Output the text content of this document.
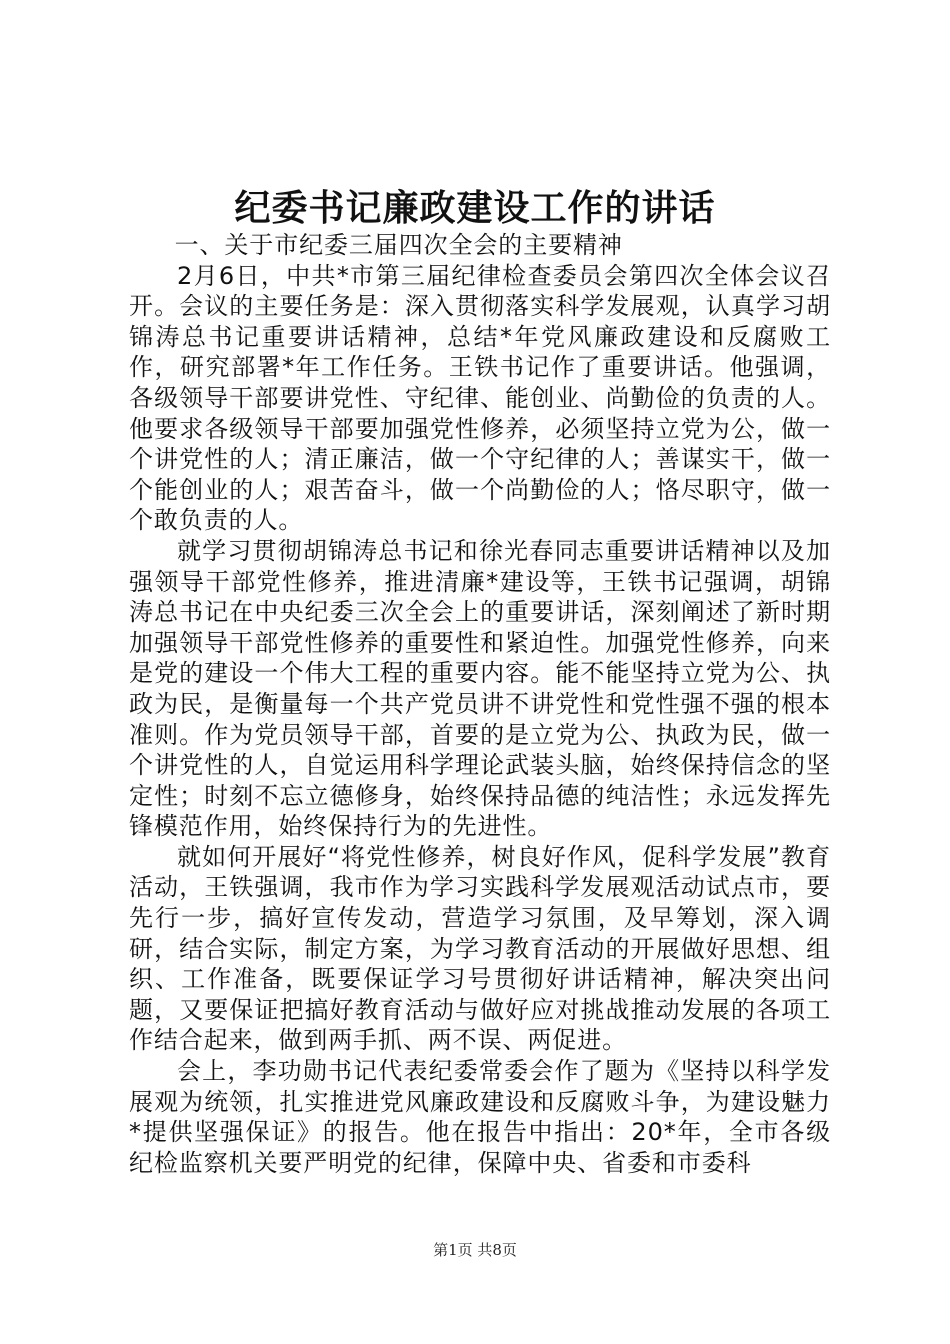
纪委书记廉政建设工作的讲话

一、关于市纪委三届四次全会的主要精神

2月6日，中共*市第三届纪律检查委员会第四次全体会议召开。会议的主要任务是：深入贯彻落实科学发展观，认真学习胡锦涛总书记重要讲话精神，总结*年党风廉政建设和反腐败工作，研究部署*年工作任务。王铁书记作了重要讲话。他强调，各级领导干部要讲党性、守纪律、能创业、尚勤俭的负责的人。他要求各级领导干部要加强党性修养，必须坚持立党为公，做一个讲党性的人；清正廉洁，做一个守纪律的人；善谋实干，做一个能创业的人；艰苦奋斗，做一个尚勤俭的人；恪尽职守，做一个敢负责的人。

就学习贯彻胡锦涛总书记和徐光春同志重要讲话精神以及加强领导干部党性修养，推进清廉*建设等，王铁书记强调，胡锦涛总书记在中央纪委三次全会上的重要讲话，深刻阐述了新时期加强领导干部党性修养的重要性和紧迫性。加强党性修养，向来是党的建设一个伟大工程的重要内容。能不能坚持立党为公、执政为民，是衡量每一个共产党员讲不讲党性和党性强不强的根本准则。作为党员领导干部，首要的是立党为公、执政为民，做一个讲党性的人，自觉运用科学理论武装头脑，始终保持信念的坚定性；时刻不忘立德修身，始终保持品德的纯洁性；永远发挥先锋模范作用，始终保持行为的先进性。

就如何开展好“将党性修养，树良好作风，促科学发展”教育活动，王铁强调，我市作为学习实践科学发展观活动试点市，要先行一步，搞好宣传发动，营造学习氛围，及早筹划，深入调研，结合实际，制定方案，为学习教育活动的开展做好思想、组织、工作准备，既要保证学习号贯彻好讲话精神，解决突出问题，又要保证把搞好教育活动与做好应对挑战推动发展的各项工作结合起来，做到两手抓、两不误、两促进。

会上，李功勋书记代表纪委常委会作了题为《坚持以科学发展观为统领，扎实推进党风廉政建设和反腐败斗争，为建设魅力*提供坚强保证》的报告。他在报告中指出：20*年，全市各级纪检监察机关要严明党的纪律，保障中央、省委和市委科

第1页 共8页
